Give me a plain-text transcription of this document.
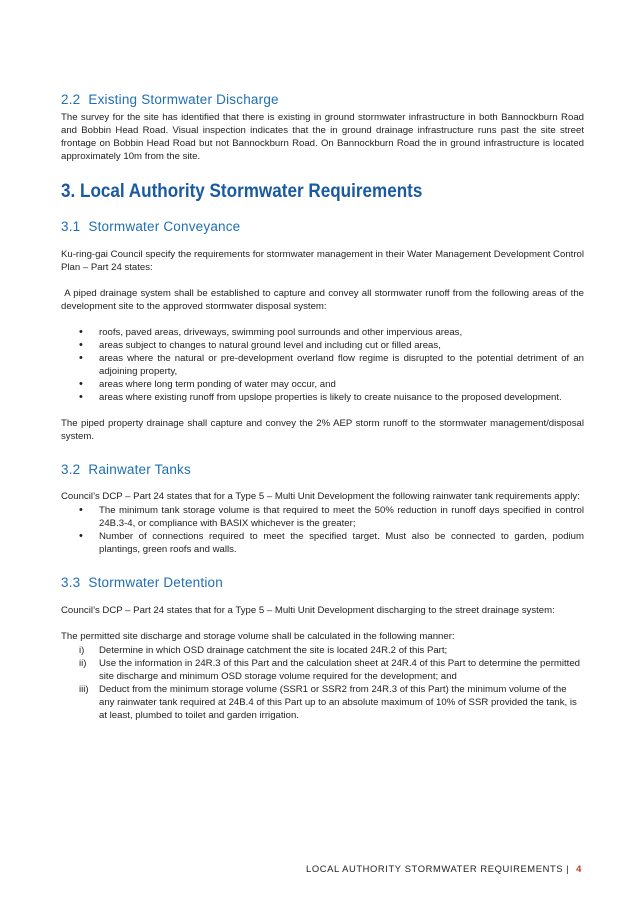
2.2 Existing Stormwater Discharge

The survey for the site has identified that there is existing in ground stormwater infrastructure in both Bannockburn Road and Bobbin Head Road. Visual inspection indicates that the in ground drainage infrastructure runs past the site street frontage on Bobbin Head Road but not Bannockburn Road. On Bannockburn Road the in ground infrastructure is located approximately 10m from the site.

3. Local Authority Stormwater Requirements
3.1 Stormwater Conveyance

Ku-ring-gai Council specify the requirements for stormwater management in their Water Management Development Control Plan – Part 24 states:

A piped drainage system shall be established to capture and convey all stormwater runoff from the following areas of the development site to the approved stormwater disposal system:

• roofs, paved areas, driveways, swimming pool surrounds and other impervious areas,
• areas subject to changes to natural ground level and including cut or filled areas,
• areas where the natural or pre-development overland flow regime is disrupted to the potential detriment of an adjoining property,
• areas where long term ponding of water may occur, and
• areas where existing runoff from upslope properties is likely to create nuisance to the proposed development.

The piped property drainage shall capture and convey the 2% AEP storm runoff to the stormwater management/disposal system.

3.2 Rainwater Tanks

Council’s DCP – Part 24 states that for a Type 5 – Multi Unit Development the following rainwater tank requirements apply:

• The minimum tank storage volume is that required to meet the 50% reduction in runoff days specified in control 24B.3-4, or compliance with BASIX whichever is the greater;
• Number of connections required to meet the specified target. Must also be connected to garden, podium plantings, green roofs and walls.
3.3 Stormwater Detention

Council’s DCP – Part 24 states that for a Type 5 – Multi Unit Development discharging to the street drainage system:

The permitted site discharge and storage volume shall be calculated in the following manner:

i) Determine in which OSD drainage catchment the site is located 24R.2 of this Part;
ii) Use the information in 24R.3 of this Part and the calculation sheet at 24R.4 of this Part to determine the permitted site discharge and minimum OSD storage volume required for the development; and
iii) Deduct from the minimum storage volume (SSR1 or SSR2 from 24R.3 of this Part) the minimum volume of the any rainwater tank required at 24B.4 of this Part up to an absolute maximum of 10% of SSR provided the tank, is at least, plumbed to toilet and garden irrigation.
LOCAL AUTHORITY STORMWATER REQUIREMENTS | 4
